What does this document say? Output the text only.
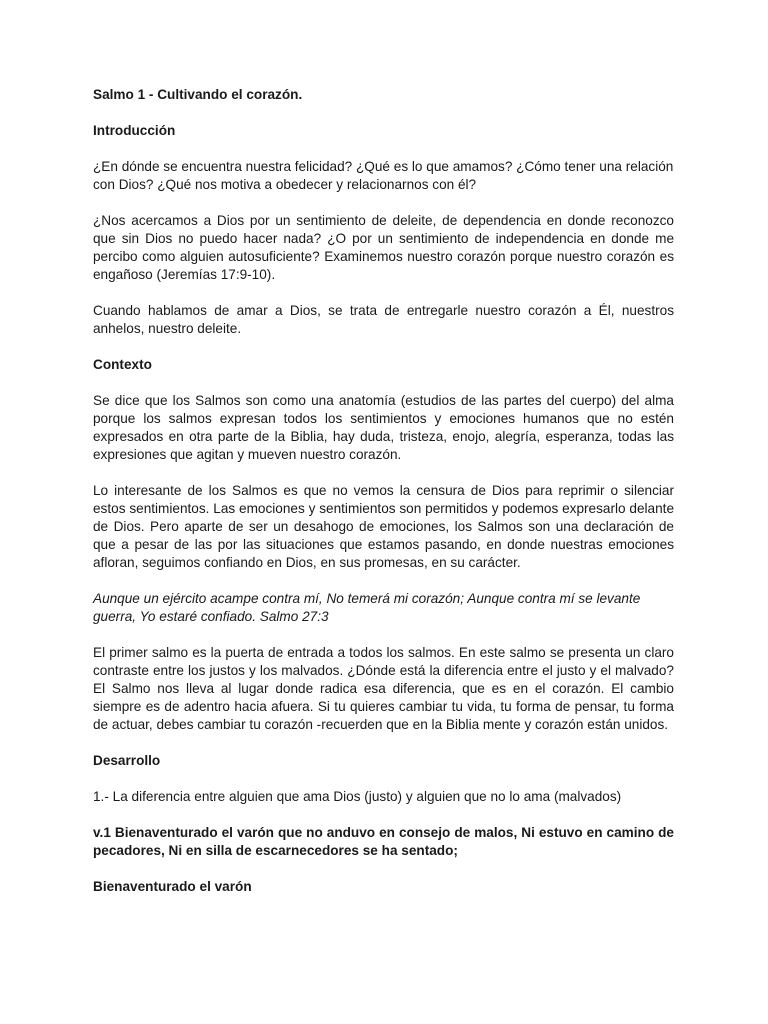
Salmo 1 - Cultivando el corazón.

Introducción

¿En dónde se encuentra nuestra felicidad? ¿Qué es lo que amamos? ¿Cómo tener una relación con Dios? ¿Qué nos motiva a obedecer y relacionarnos con él?

¿Nos acercamos a Dios por un sentimiento de deleite, de dependencia en donde reconozco que sin Dios no puedo hacer nada? ¿O por un sentimiento de independencia en donde me percibo como alguien autosuficiente? Examinemos nuestro corazón porque nuestro corazón es engañoso (Jeremías 17:9-10).

Cuando hablamos de amar a Dios, se trata de entregarle nuestro corazón a Él, nuestros anhelos, nuestro deleite.

Contexto

Se dice que los Salmos son como una anatomía (estudios de las partes del cuerpo) del alma porque los salmos expresan todos los sentimientos y emociones humanos que no estén expresados en otra parte de la Biblia, hay duda, tristeza, enojo, alegría, esperanza, todas las expresiones que agitan y mueven nuestro corazón.

Lo interesante de los Salmos es que no vemos la censura de Dios para reprimir o silenciar estos sentimientos. Las emociones y sentimientos son permitidos y podemos expresarlo delante de Dios. Pero aparte de ser un desahogo de emociones, los Salmos son una declaración de que a pesar de las por las situaciones que estamos pasando, en donde nuestras emociones afloran, seguimos confiando en Dios, en sus promesas, en su carácter.

Aunque un ejército acampe contra mí, No temerá mi corazón; Aunque contra mí se levante guerra, Yo estaré confiado. Salmo 27:3

El primer salmo es la puerta de entrada a todos los salmos. En este salmo se presenta un claro contraste entre los justos y los malvados. ¿Dónde está la diferencia entre el justo y el malvado? El Salmo nos lleva al lugar donde radica esa diferencia, que es en el corazón. El cambio siempre es de adentro hacia afuera. Si tu quieres cambiar tu vida, tu forma de pensar, tu forma de actuar, debes cambiar tu corazón -recuerden que en la Biblia mente y corazón están unidos.

Desarrollo

1.- La diferencia entre alguien que ama Dios (justo) y alguien que no lo ama (malvados)

v.1 Bienaventurado el varón que no anduvo en consejo de malos, Ni estuvo en camino de pecadores, Ni en silla de escarnecedores se ha sentado;

Bienaventurado el varón
